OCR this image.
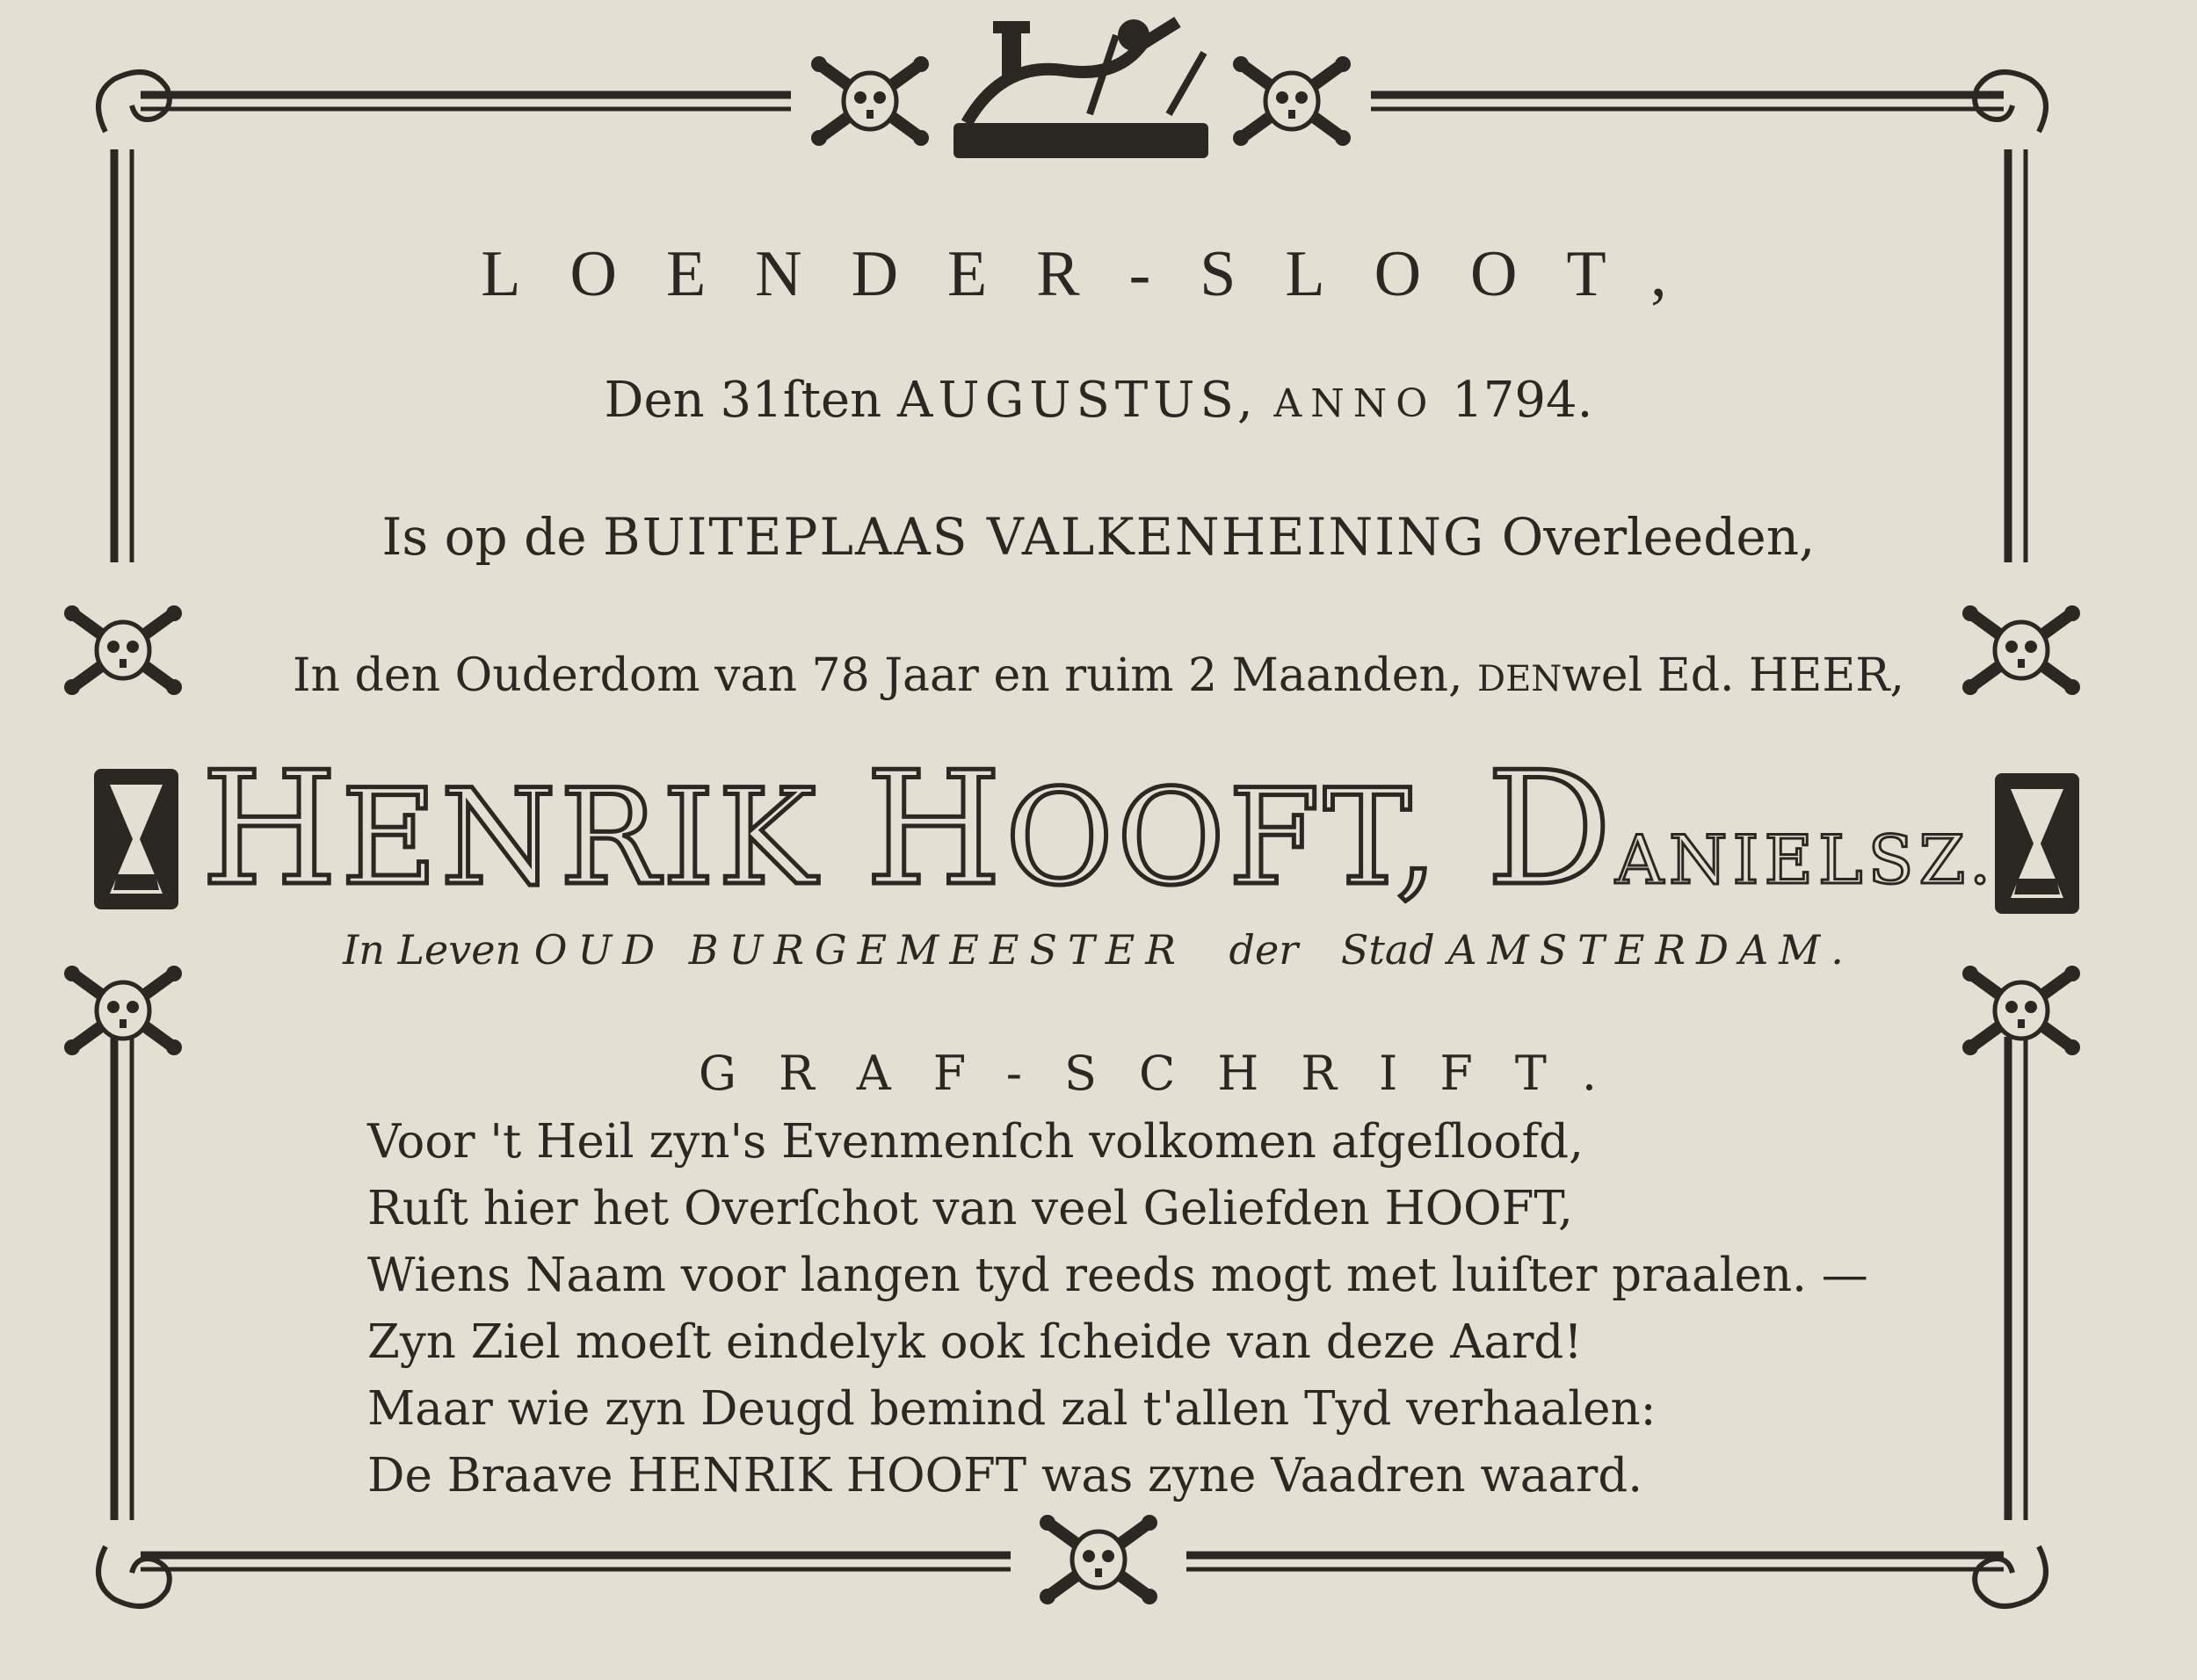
LOENDER-SLOOT,
Den 31ſten AUGUSTUS, ANNO 1794.
Is op de BUITEPLAAS VALKENHEINING Overleeden,
In den Ouderdom van 78 Jaar en ruim 2 Maanden, DENwel Ed. HEER,
HENRIK HOOFT, DANIELSZ.
In Leven OUD BURGEMEESTER der Stad AMSTERDAM.
GRAF-SCHRIFT.
Voor 't Heil zyn's Evenmenſch volkomen afgeſloofd,
Ruſt hier het Overſchot van veel Geliefden HOOFT,
Wiens Naam voor langen tyd reeds mogt met luiſter praalen. —
Zyn Ziel moeſt eindelyk ook ſcheide van deze Aard!
Maar wie zyn Deugd bemind zal t'allen Tyd verhaalen:
De Braave HENRIK HOOFT was zyne Vaadren waard.
